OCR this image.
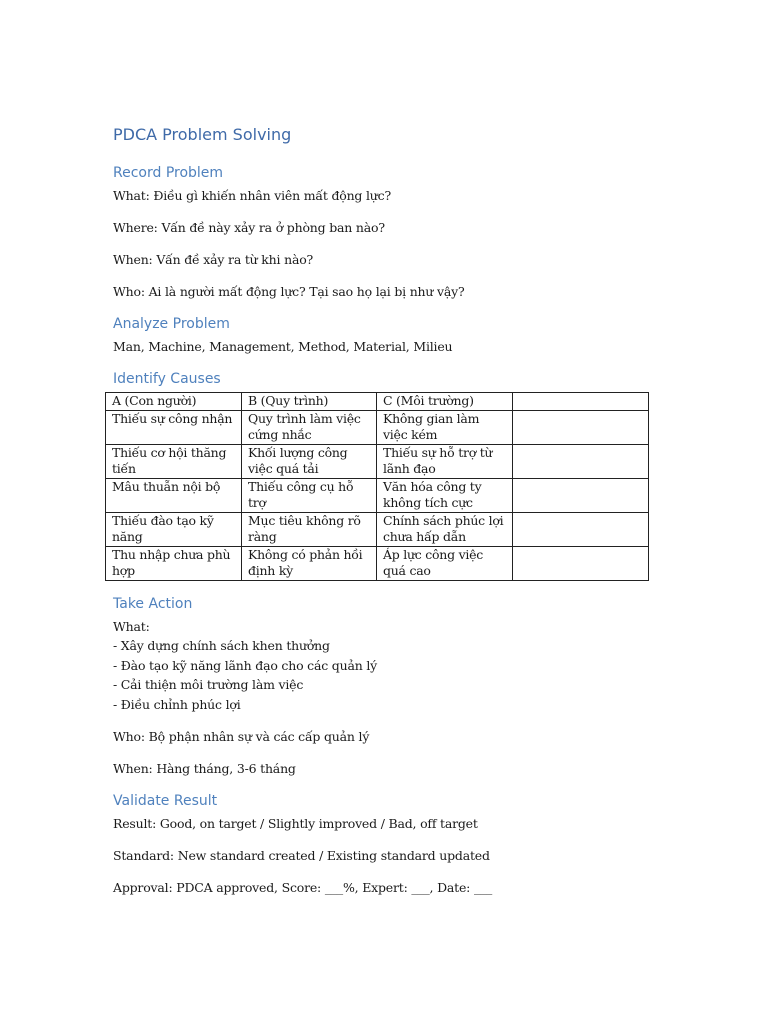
PDCA Problem Solving
Record Problem

What: Điều gì khiến nhân viên mất động lực?

Where: Vấn đề này xảy ra ở phòng ban nào?

When: Vấn đề xảy ra từ khi nào?

Who: Ai là người mất động lực? Tại sao họ lại bị như vậy?

Analyze Problem

Man, Machine, Management, Method, Material, Milieu

Identify Causes
A (Con người)	B (Quy trình)	C (Môi trường)	
Thiếu sự công nhận	Quy trình làm việc cứng nhắc	Không gian làm việc kém	
Thiếu cơ hội thăng tiến	Khối lượng công việc quá tải	Thiếu sự hỗ trợ từ lãnh đạo	
Mâu thuẫn nội bộ	Thiếu công cụ hỗ trợ	Văn hóa công ty không tích cực	
Thiếu đào tạo kỹ năng	Mục tiêu không rõ ràng	Chính sách phúc lợi chưa hấp dẫn	
Thu nhập chưa phù hợp	Không có phản hồi định kỳ	Áp lực công việc quá cao	
Take Action
What:
- Xây dựng chính sách khen thưởng
- Đào tạo kỹ năng lãnh đạo cho các quản lý
- Cải thiện môi trường làm việc
- Điều chỉnh phúc lợi

Who: Bộ phận nhân sự và các cấp quản lý

When: Hàng tháng, 3-6 tháng

Validate Result

Result: Good, on target / Slightly improved / Bad, off target

Standard: New standard created / Existing standard updated

Approval: PDCA approved, Score: ___%, Expert: ___, Date: ___
